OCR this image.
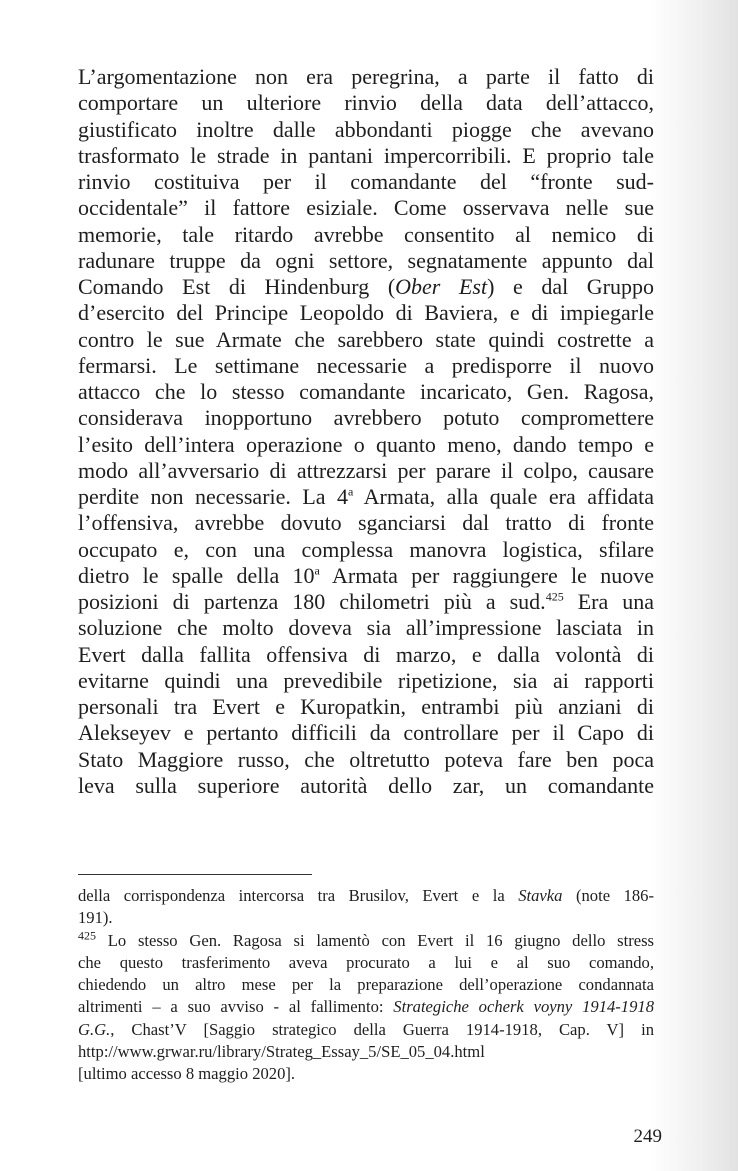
L’argomentazione non era peregrina, a parte il fatto di
comportare un ulteriore rinvio della data dell’attacco,
giustificato inoltre dalle abbondanti piogge che avevano
trasformato le strade in pantani impercorribili. E proprio tale
rinvio costituiva per il comandante del “fronte sud-
occidentale” il fattore esiziale. Come osservava nelle sue
memorie, tale ritardo avrebbe consentito al nemico di
radunare truppe da ogni settore, segnatamente appunto dal
Comando Est di Hindenburg (Ober Est) e dal Gruppo
d’esercito del Principe Leopoldo di Baviera, e di impiegarle
contro le sue Armate che sarebbero state quindi costrette a
fermarsi. Le settimane necessarie a predisporre il nuovo
attacco che lo stesso comandante incaricato, Gen. Ragosa,
considerava inopportuno avrebbero potuto compromettere
l’esito dell’intera operazione o quanto meno, dando tempo e
modo all’avversario di attrezzarsi per parare il colpo, causare
perdite non necessarie. La 4$^a$ Armata, alla quale era affidata
l’offensiva, avrebbe dovuto sganciarsi dal tratto di fronte
occupato e, con una complessa manovra logistica, sfilare
dietro le spalle della 10$^a$ Armata per raggiungere le nuove
posizioni di partenza 180 chilometri più a sud.$^{425}$ Era una
soluzione che molto doveva sia all’impressione lasciata in
Evert dalla fallita offensiva di marzo, e dalla volontà di
evitarne quindi una prevedibile ripetizione, sia ai rapporti
personali tra Evert e Kuropatkin, entrambi più anziani di
Alekseyev e pertanto difficili da controllare per il Capo di
Stato Maggiore russo, che oltretutto poteva fare ben poca
leva sulla superiore autorità dello zar, un comandante
della corrispondenza intercorsa tra Brusilov, Evert e la Stavka (note 186-
191).
$^{425}$ Lo stesso Gen. Ragosa si lamentò con Evert il 16 giugno dello stress
che questo trasferimento aveva procurato a lui e al suo comando,
chiedendo un altro mese per la preparazione dell’operazione condannata
altrimenti – a suo avviso - al fallimento: Strategiche ocherk voyny 1914-1918
G.G., Chast’V [Saggio strategico della Guerra 1914-1918, Cap. V] in
http://www.grwar.ru/library/Strateg_Essay_5/SE_05_04.html
[ultimo accesso 8 maggio 2020].
249
